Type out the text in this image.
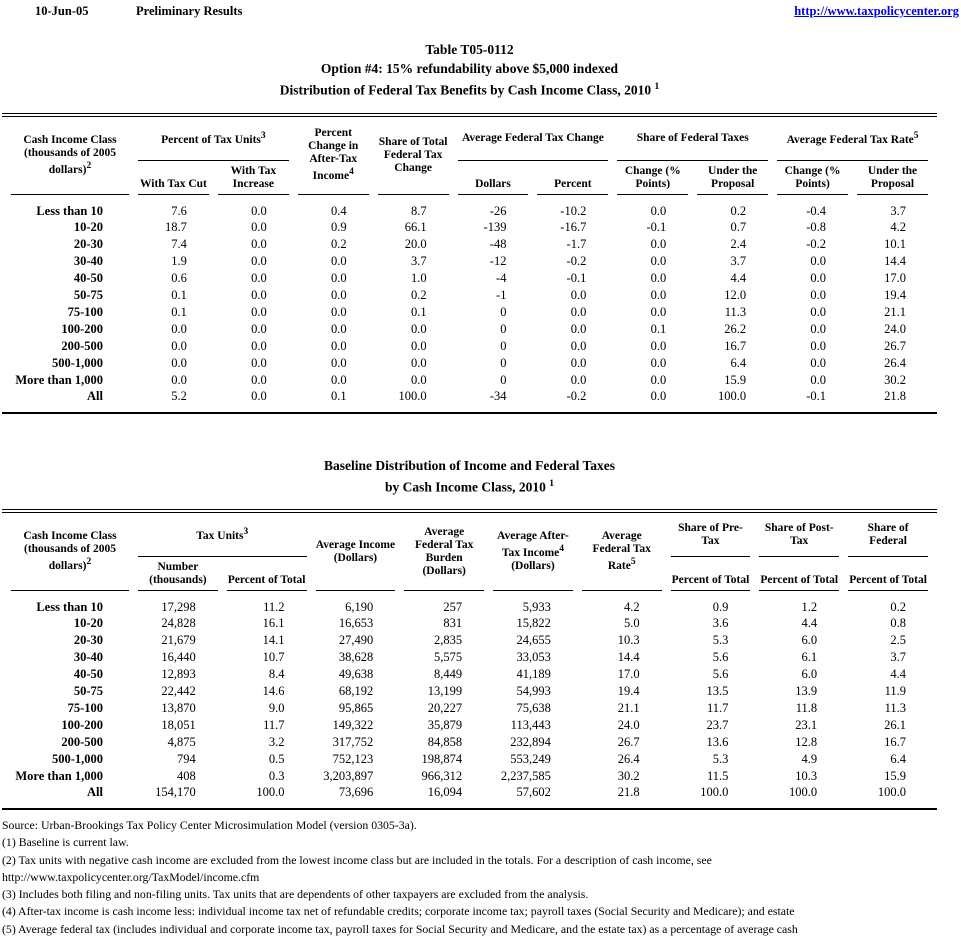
10-Jun-05	Preliminary Results	http://www.taxpolicycenter.org
Table T05-0112
Option #4: 15% refundability above $5,000 indexed
Distribution of Federal Tax Benefits by Cash Income Class, 2010 $^1$
Cash Income Class (thousands of 2005 dollars)$^2$	Percent of Tax Units$^3$		Percent Change in After-Tax Income$^4$	Share of Total Federal Tax Change	Average Federal Tax Change		Share of Federal Taxes		Average Federal Tax Rate$^5$
	With Tax Cut	With Tax Increase			Dollars	Percent	Change (% Points)	Under the Proposal	Change (% Points)	Under the Proposal
Less than 10	7.6	0.0	0.4	8.7	-26	-10.2	0.0	0.2	-0.4	3.7
10-20	18.7	0.0	0.9	66.1	-139	-16.7	-0.1	0.7	-0.8	4.2
20-30	7.4	0.0	0.2	20.0	-48	-1.7	0.0	2.4	-0.2	10.1
30-40	1.9	0.0	0.0	3.7	-12	-0.2	0.0	3.7	0.0	14.4
40-50	0.6	0.0	0.0	1.0	-4	-0.1	0.0	4.4	0.0	17.0
50-75	0.1	0.0	0.0	0.2	-1	0.0	0.0	12.0	0.0	19.4
75-100	0.1	0.0	0.0	0.1	0	0.0	0.0	11.3	0.0	21.1
100-200	0.0	0.0	0.0	0.0	0	0.0	0.1	26.2	0.0	24.0
200-500	0.0	0.0	0.0	0.0	0	0.0	0.0	16.7	0.0	26.7
500-1,000	0.0	0.0	0.0	0.0	0	0.0	0.0	6.4	0.0	26.4
More than 1,000	0.0	0.0	0.0	0.0	0	0.0	0.0	15.9	0.0	30.2
All	5.2	0.0	0.1	100.0	-34	-0.2	0.0	100.0	-0.1	21.8
Baseline Distribution of Income and Federal Taxes
by Cash Income Class, 2010 $^1$
Cash Income Class (thousands of 2005 dollars)$^2$	Tax Units$^3$		Average Income (Dollars)	Average Federal Tax Burden (Dollars)	Average After-Tax Income$^4$ (Dollars)	Average Federal Tax Rate$^5$	Share of Pre-Tax	Share of Post-Tax	Share of Federal
	Number (thousands)	Percent of Total					Percent of Total	Percent of Total	Percent of Total
Less than 10	17,298	11.2	6,190	257	5,933	4.2	0.9	1.2	0.2
10-20	24,828	16.1	16,653	831	15,822	5.0	3.6	4.4	0.8
20-30	21,679	14.1	27,490	2,835	24,655	10.3	5.3	6.0	2.5
30-40	16,440	10.7	38,628	5,575	33,053	14.4	5.6	6.1	3.7
40-50	12,893	8.4	49,638	8,449	41,189	17.0	5.6	6.0	4.4
50-75	22,442	14.6	68,192	13,199	54,993	19.4	13.5	13.9	11.9
75-100	13,870	9.0	95,865	20,227	75,638	21.1	11.7	11.8	11.3
100-200	18,051	11.7	149,322	35,879	113,443	24.0	23.7	23.1	26.1
200-500	4,875	3.2	317,752	84,858	232,894	26.7	13.6	12.8	16.7
500-1,000	794	0.5	752,123	198,874	553,249	26.4	5.3	4.9	6.4
More than 1,000	408	0.3	3,203,897	966,312	2,237,585	30.2	11.5	10.3	15.9
All	154,170	100.0	73,696	16,094	57,602	21.8	100.0	100.0	100.0
Source: Urban-Brookings Tax Policy Center Microsimulation Model (version 0305-3a).
(1) Baseline is current law.
(2) Tax units with negative cash income are excluded from the lowest income class but are included in the totals. For a description of cash income, see
http://www.taxpolicycenter.org/TaxModel/income.cfm
(3) Includes both filing and non-filing units. Tax units that are dependents of other taxpayers are excluded from the analysis.
(4) After-tax income is cash income less: individual income tax net of refundable credits; corporate income tax; payroll taxes (Social Security and Medicare); and estate
(5) Average federal tax (includes individual and corporate income tax, payroll taxes for Social Security and Medicare, and the estate tax) as a percentage of average cash
